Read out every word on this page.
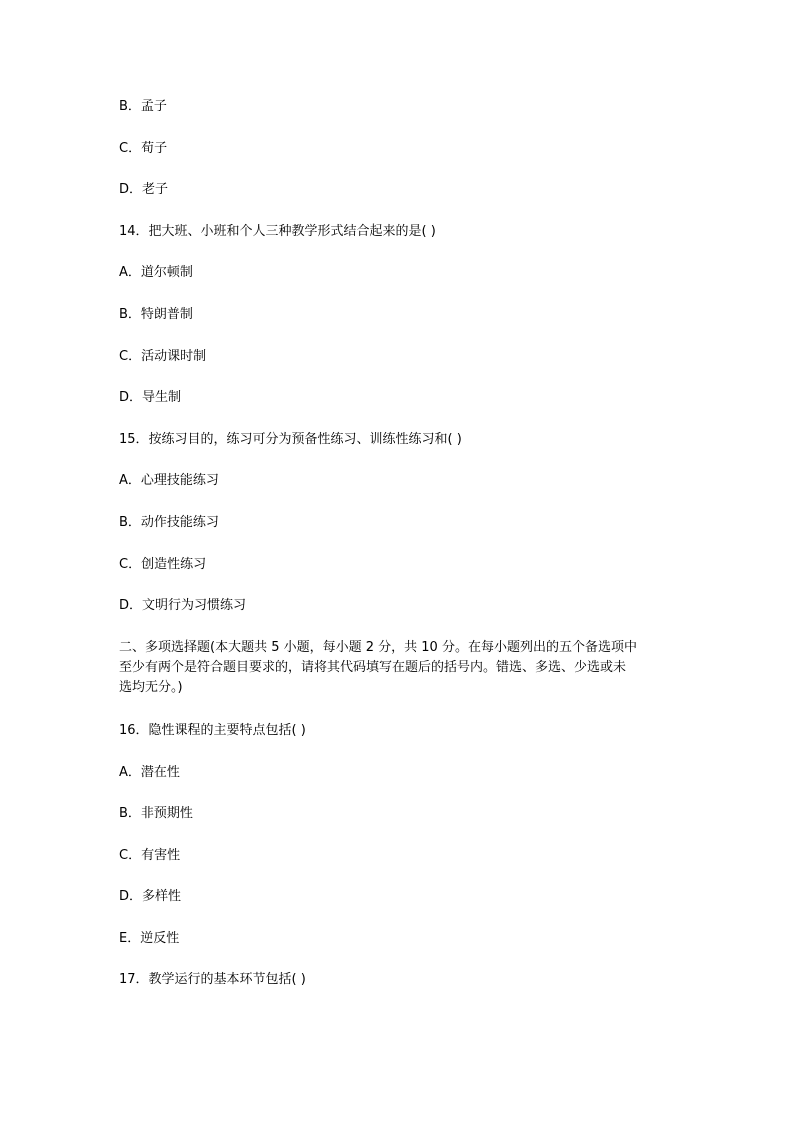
B．孟子
C．荀子
D．老子
14．把大班、小班和个人三种教学形式结合起来的是( )
A．道尔顿制
B．特朗普制
C．活动课时制
D．导生制
15．按练习目的，练习可分为预备性练习、训练性练习和( )
A．心理技能练习
B．动作技能练习
C．创造性练习
D．文明行为习惯练习
二、多项选择题(本大题共 5 小题，每小题 2 分，共 10 分。在每小题列出的五个备选项中
至少有两个是符合题目要求的，请将其代码填写在题后的括号内。错选、多选、少选或未
选均无分。)
16．隐性课程的主要特点包括( )
A．潜在性
B．非预期性
C．有害性
D．多样性
E．逆反性
17．教学运行的基本环节包括( )
